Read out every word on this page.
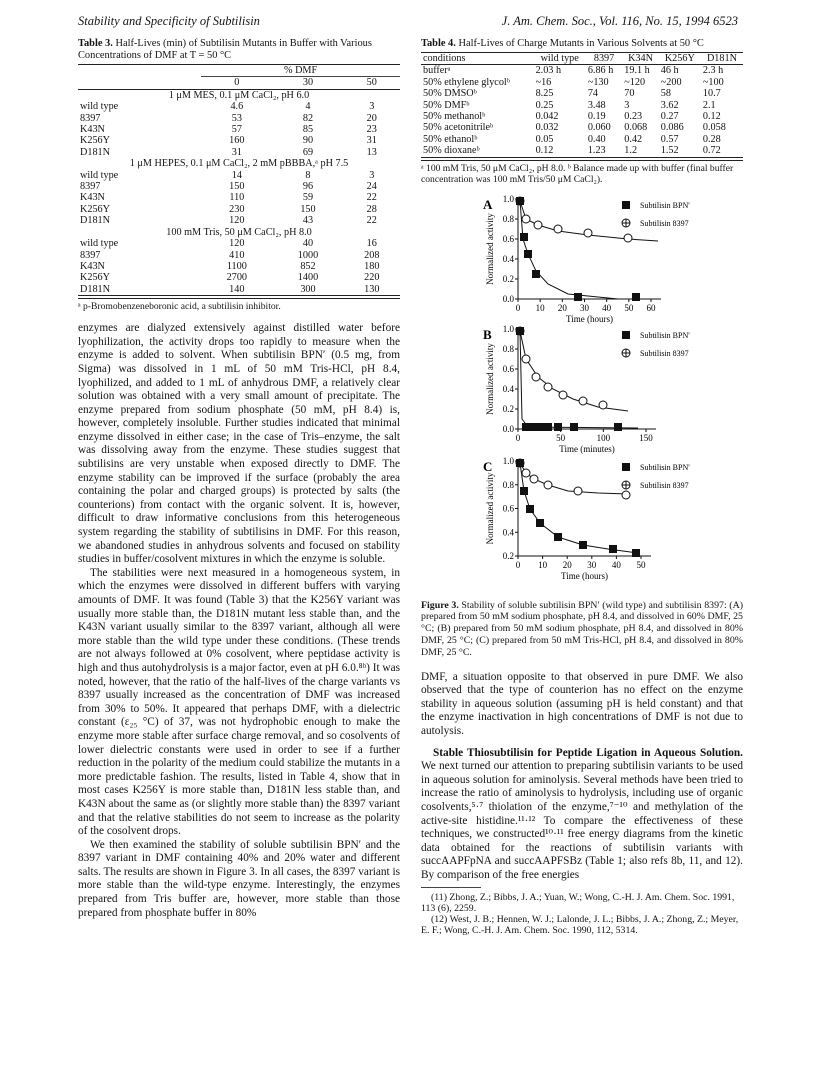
Stability and Specificity of Subtilisin	J. Am. Chem. Soc., Vol. 116, No. 15, 1994 6523
Table 3. Half-Lives (min) of Subtilisin Mutants in Buffer with Various Concentrations of DMF at T = 50 °C
	% DMF		
	0	30	50
1 μM MES, 0.1 μM CaCl₂, pH 6.0			
wild type	4.6	4	3
8397	53	82	20
K43N	57	85	23
K256Y	160	90	31
D181N	31	69	13
1 μM HEPES, 0.1 μM CaCl₂, 2 mM pBBBA,ᵃ pH 7.5			
wild type	14	8	3
8397	150	96	24
K43N	110	59	22
K256Y	230	150	28
D181N	120	43	22
100 mM Tris, 50 μM CaCl₂, pH 8.0			
wild type	120	40	16
8397	410	1000	208
K43N	1100	852	180
K256Y	2700	1400	220
D181N	140	300	130
ᵃ p-Bromobenzeneboronic acid, a subtilisin inhibitor.

enzymes are dialyzed extensively against distilled water before lyophilization, the activity drops too rapidly to measure when the enzyme is added to solvent. When subtilisin BPN′ (0.5 mg, from Sigma) was dissolved in 1 mL of 50 mM Tris-HCl, pH 8.4, lyophilized, and added to 1 mL of anhydrous DMF, a relatively clear solution was obtained with a very small amount of precipitate. The enzyme prepared from sodium phosphate (50 mM, pH 8.4) is, however, completely insoluble. Further studies indicated that minimal enzyme dissolved in either case; in the case of Tris–enzyme, the salt was dissolving away from the enzyme. These studies suggest that subtilisins are very unstable when exposed directly to DMF. The enzyme stability can be improved if the surface (probably the area containing the polar and charged groups) is protected by salts (the counterions) from contact with the organic solvent. It is, however, difficult to draw informative conclusions from this heterogeneous system regarding the stability of subtilisins in DMF. For this reason, we abandoned studies in anhydrous solvents and focused on stability studies in buffer/cosolvent mixtures in which the enzyme is soluble.

The stabilities were next measured in a homogeneous system, in which the enzymes were dissolved in different buffers with varying amounts of DMF. It was found (Table 3) that the K256Y variant was usually more stable than, the D181N mutant less stable than, and the K43N variant usually similar to the 8397 variant, although all were more stable than the wild type under these conditions. (These trends are not always followed at 0% cosolvent, where peptidase activity is high and thus autohydrolysis is a major factor, even at pH 6.0.⁸ᵇ) It was noted, however, that the ratio of the half-lives of the charge variants vs 8397 usually increased as the concentration of DMF was increased from 30% to 50%. It appeared that perhaps DMF, with a dielectric constant (ε₂₅ °C) of 37, was not hydrophobic enough to make the enzyme more stable after surface charge removal, and so cosolvents of lower dielectric constants were used in order to see if a further reduction in the polarity of the medium could stabilize the mutants in a more predictable fashion. The results, listed in Table 4, show that in most cases K256Y is more stable than, D181N less stable than, and K43N about the same as (or slightly more stable than) the 8397 variant and that the relative stabilities do not seem to increase as the polarity of the cosolvent drops.

We then examined the stability of soluble subtilisin BPN′ and the 8397 variant in DMF containing 40% and 20% water and different salts. The results are shown in Figure 3. In all cases, the 8397 variant is more stable than the wild-type enzyme. Interestingly, the enzymes prepared from Tris buffer are, however, more stable than those prepared from phosphate buffer in 80%

Table 4. Half-Lives of Charge Mutants in Various Solvents at 50 °C
conditions	wild type	8397	K34N	K256Y	D181N
bufferᵃ	2.03 h	6.86 h	19.1 h	46 h	2.3 h
50% ethylene glycolᵇ	~16	~130	~120	~200	~100
50% DMSOᵇ	8.25	74	70	58	10.7
50% DMFᵇ	0.25	3.48	3	3.62	2.1
50% methanolᵇ	0.042	0.19	0.23	0.27	0.12
50% acetonitrileᵇ	0.032	0.060	0.068	0.086	0.058
50% ethanolᵇ	0.05	0.40	0.42	0.57	0.28
50% dioxaneᵇ	0.12	1.23	1.2	1.52	0.72
ᵃ 100 mM Tris, 50 μM CaCl₂, pH 8.0. ᵇ Balance made up with buffer (final buffer concentration was 100 mM Tris/50 μM CaCl₂).
A
Normalized activity
0.0
0.2
0.4
0.6
0.8
1.0
0 10 20 30 40 50 60
Time (hours)
Subtilisin BPN'
Subtilisin 8397
B
Normalized activity
0.0
0.2
0.4
0.6
0.8
1.0
0	50	100	150
Time (minutes)
Subtilisin BPN'
Subtilisin 8397
C
Normalized activity
0.2
0.4
0.6
0.8
1.0
0 10 20 30 40 50
Time (hours)
Subtilisin BPN'
Subtilisin 8397
Figure 3. Stability of soluble subtilisin BPN′ (wild type) and subtilisin 8397: (A) prepared from 50 mM sodium phosphate, pH 8.4, and dissolved in 60% DMF, 25 °C; (B) prepared from 50 mM sodium phosphate, pH 8.4, and dissolved in 80% DMF, 25 °C; (C) prepared from 50 mM Tris-HCl, pH 8.4, and dissolved in 80% DMF, 25 °C.

DMF, a situation opposite to that observed in pure DMF. We also observed that the type of counterion has no effect on the enzyme stability in aqueous solution (assuming pH is held constant) and that the enzyme inactivation in high concentrations of DMF is not due to autolysis.

Stable Thiosubtilisin for Peptide Ligation in Aqueous Solution. We next turned our attention to preparing subtilisin variants to be used in aqueous solution for aminolysis. Several methods have been tried to increase the ratio of aminolysis to hydrolysis, including use of organic cosolvents,⁵·⁷ thiolation of the enzyme,⁷⁻¹⁰ and methylation of the active-site histidine.¹¹·¹² To compare the effectiveness of these techniques, we constructed¹⁰·¹¹ free energy diagrams from the kinetic data obtained for the reactions of subtilisin variants with succAAPFpNA and succAAPFSBz (Table 1; also refs 8b, 11, and 12). By comparison of the free energies

(11) Zhong, Z.; Bibbs, J. A.; Yuan, W.; Wong, C.-H. J. Am. Chem. Soc. 1991, 113 (6), 2259.
(12) West, J. B.; Hennen, W. J.; Lalonde, J. L.; Bibbs, J. A.; Zhong, Z.; Meyer, E. F.; Wong, C.-H. J. Am. Chem. Soc. 1990, 112, 5314.
